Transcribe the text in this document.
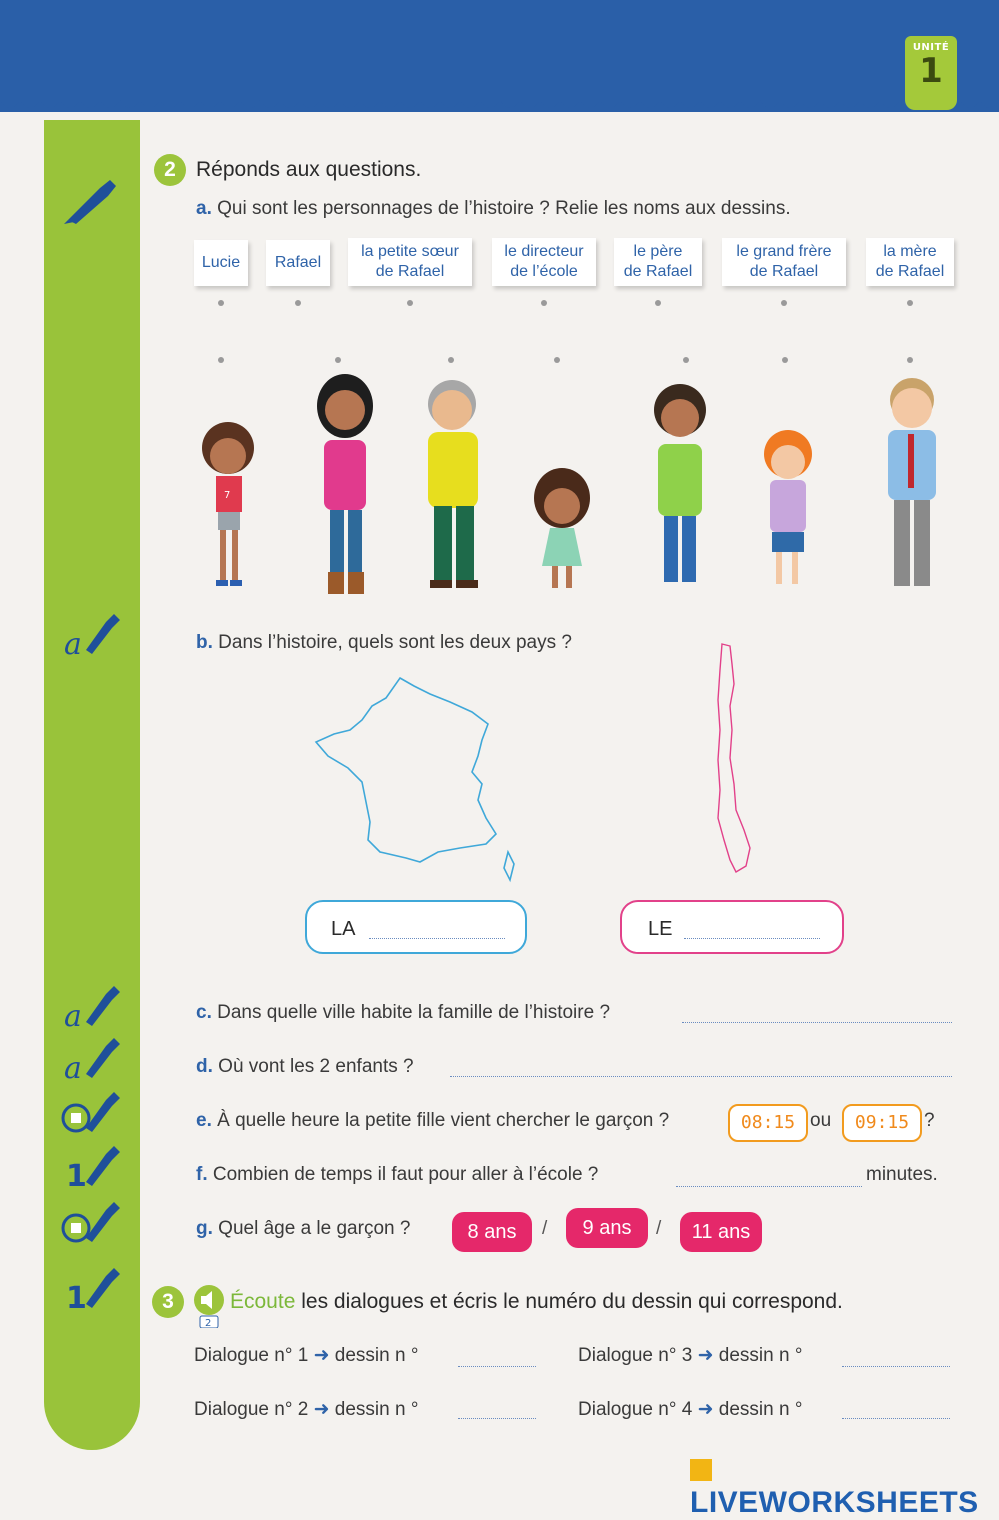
UNITÉ
1
a
a
a
1
1
2 Réponds aux questions.
a. Qui sont les personnages de l’histoire ? Relie les noms aux dessins.
Lucie Rafael
la petite sœur
de Rafael
le directeur
de l’école
le père
de Rafael
le grand frère
de Rafael
la mère
de Rafael
7
b. Dans l’histoire, quels sont les deux pays ?
LA	LE
c. Dans quelle ville habite la famille de l’histoire ?
d. Où vont les 2 enfants ?
e. À quelle heure la petite fille vient chercher le garçon ?	08:15 ou	09:15 ?
f. Combien de temps il faut pour aller à l’école ?	minutes.
g. Quel âge a le garçon ?	8 ans	/	9 ans	/	11 ans
3
2
Écoute les dialogues et écris le numéro du dessin qui correspond.
Dialogue n° 1 ➜ dessin n °	Dialogue n° 3 ➜ dessin n °
Dialogue n° 2 ➜ dessin n °	Dialogue n° 4 ➜ dessin n °
LIVEWORKSHEETS
